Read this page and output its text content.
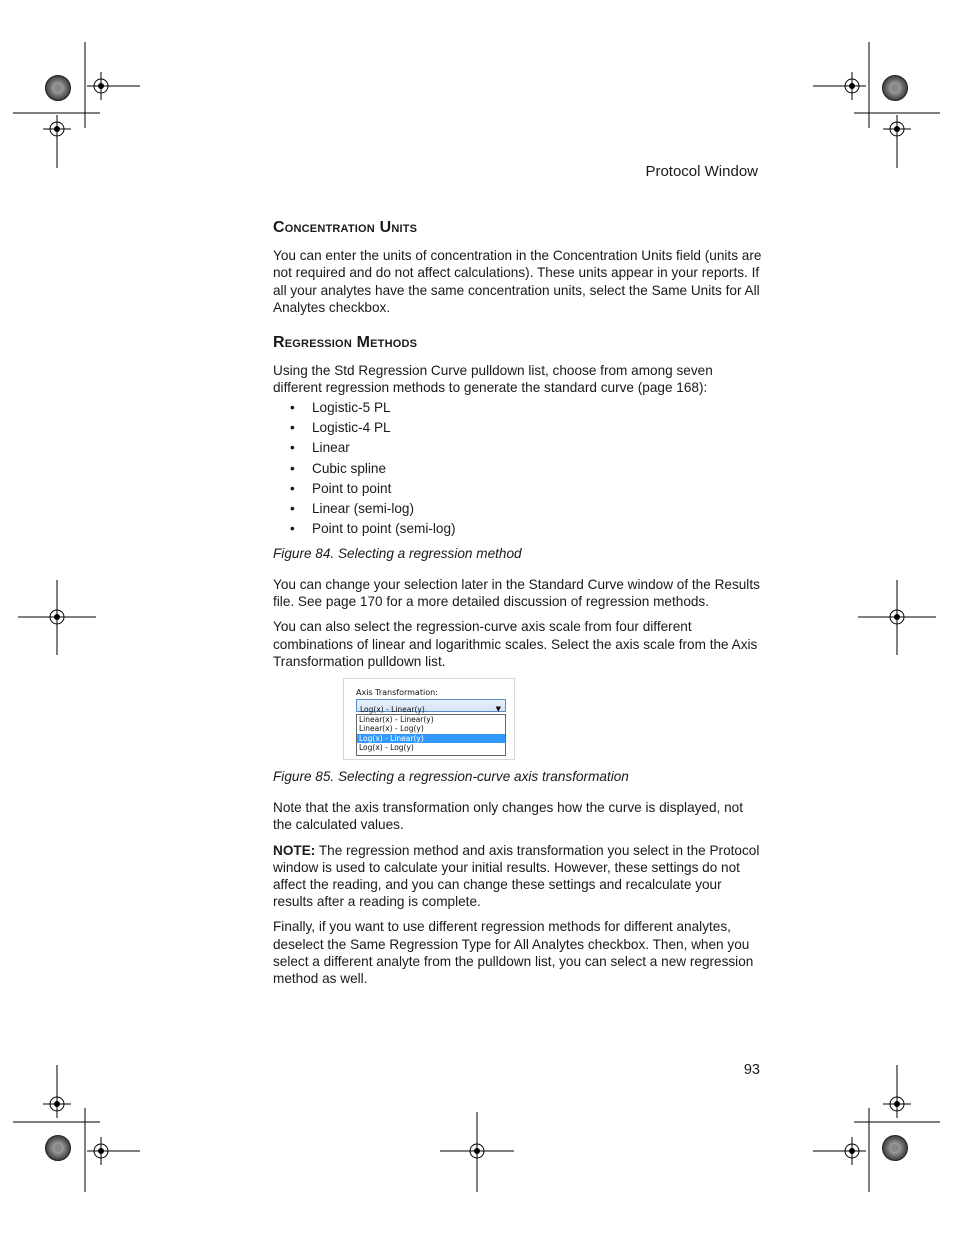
Protocol Window
Concentration Units

You can enter the units of concentration in the Concentration Units field (units are not required and do not affect calculations). These units appear in your reports. If all your analytes have the same concentration units, select the Same Units for All Analytes checkbox.

Regression Methods

Using the Std Regression Curve pulldown list, choose from among seven different regression methods to generate the standard curve (page 168):

• Logistic-5 PL
• Logistic-4 PL
• Linear
• Cubic spline
• Point to point
• Linear (semi-log)
• Point to point (semi-log)

Figure 84. Selecting a regression method

You can change your selection later in the Standard Curve window of the Results file. See page 170 for a more detailed discussion of regression methods.

You can also select the regression-curve axis scale from four different combinations of linear and logarithmic scales. Select the axis scale from the Axis Transformation pulldown list.

Axis Transformation:
Log(x) - Linear(y)	▼
Linear(x) - Linear(y)
Linear(x) - Log(y)
Log(x) - Linear(y)
Log(x) - Log(y)

Figure 85. Selecting a regression-curve axis transformation

Note that the axis transformation only changes how the curve is displayed, not the calculated values.

NOTE: The regression method and axis transformation you select in the Protocol window is used to calculate your initial results. However, these settings do not affect the reading, and you can change these settings and recalculate your results after a reading is complete.

Finally, if you want to use different regression methods for different analytes, deselect the Same Regression Type for All Analytes checkbox. Then, when you select a different analyte from the pulldown list, you can select a new regression method as well.

93
